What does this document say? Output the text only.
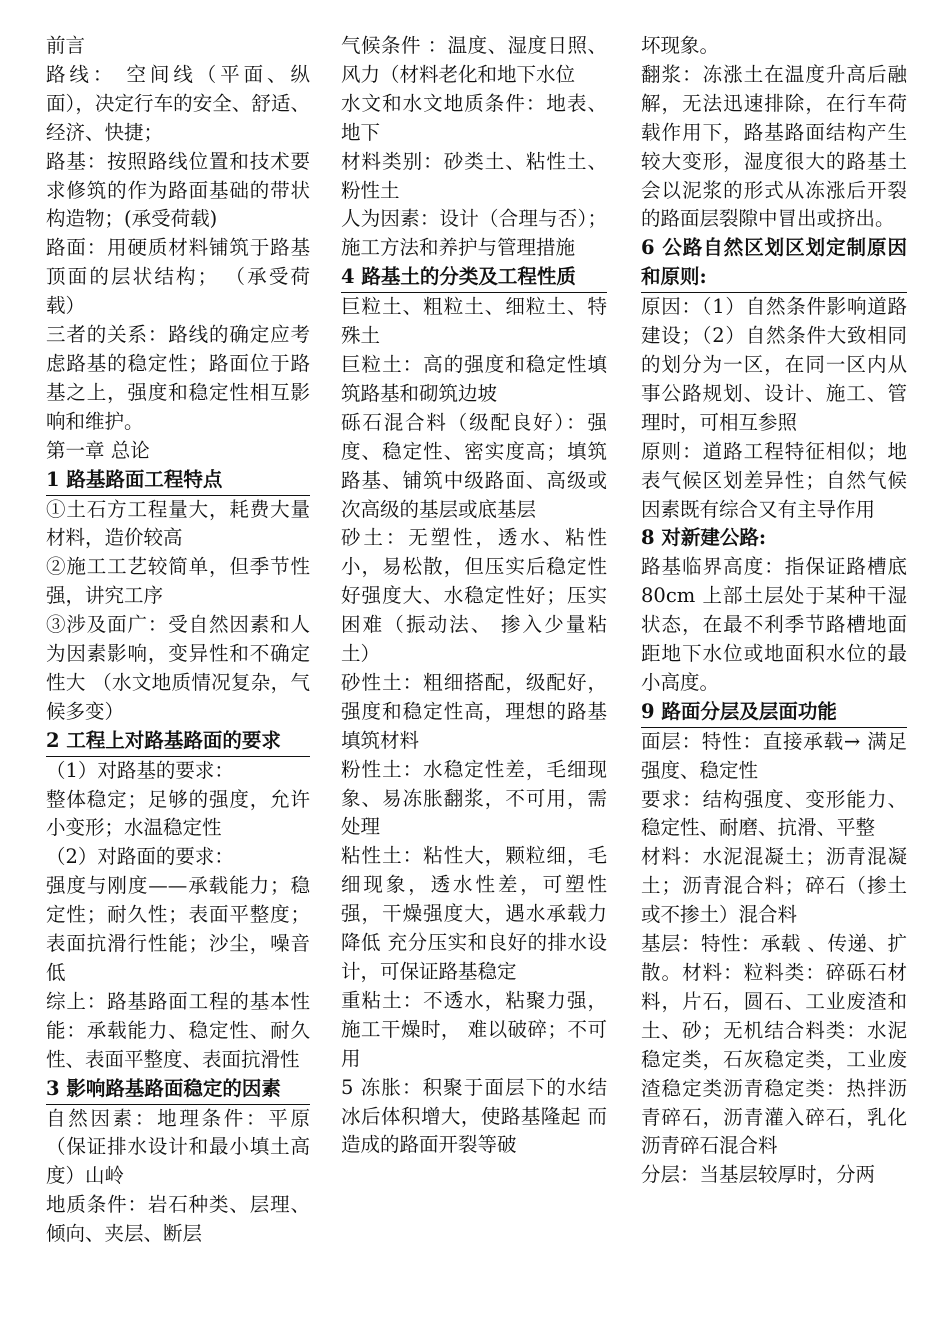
前言

路线： 空间线（平面、纵面），决定行车的安全、舒适、经济、快捷；

路基：按照路线位置和技术要求修筑的作为路面基础的带状构造物；(承受荷载)

路面：用硬质材料铺筑于路基顶面的层状结构； （承受荷载）

三者的关系：路线的确定应考虑路基的稳定性；路面位于路基之上，强度和稳定性相互影响和维护。

第一章 总论

1 路基路面工程特点

①土石方工程量大，耗费大量材料，造价较高

②施工工艺较简单，但季节性强，讲究工序

③涉及面广：受自然因素和人为因素影响，变异性和不确定性大 （水文地质情况复杂，气候多变）

2 工程上对路基路面的要求

（1）对路基的要求：

整体稳定；足够的强度，允许小变形；水温稳定性

（2）对路面的要求：

强度与刚度——承载能力；稳定性；耐久性；表面平整度；表面抗滑行性能；沙尘，噪音低

综上：路基路面工程的基本性能：承载能力、稳定性、耐久性、表面平整度、表面抗滑性

3 影响路基路面稳定的因素

自然因素：地理条件：平原（保证排水设计和最小填土高度）山岭

地质条件：岩石种类、层理、倾向、夹层、断层

气候条件 ：温度、湿度日照、风力（材料老化和地下水位

水文和水文地质条件：地表、地下

材料类别：砂类土、粘性土、粉性土

人为因素：设计（合理与否）；施工方法和养护与管理措施

4 路基土的分类及工程性质

巨粒土、粗粒土、细粒土、特殊土

巨粒土：高的强度和稳定性填筑路基和砌筑边坡

砾石混合料（级配良好）：强度、稳定性、密实度高；填筑路基、铺筑中级路面、高级或次高级的基层或底基层

砂土：无塑性，透水、粘性小，易松散，但压实后稳定性好强度大、水稳定性好；压实困难（振动法、 掺入少量粘土）

砂性土：粗细搭配，级配好，强度和稳定性高，理想的路基填筑材料

粉性土：水稳定性差，毛细现象、易冻胀翻浆，不可用，需处理

粘性土：粘性大，颗粒细，毛细现象，透水性差，可塑性强，干燥强度大，遇水承载力降低 充分压实和良好的排水设计，可保证路基稳定

重粘土：不透水，粘聚力强，施工干燥时， 难以破碎；不可用

5 冻胀：积聚于面层下的水结冰后体积增大，使路基隆起 而造成的路面开裂等破

坏现象。

翻浆：冻涨土在温度升高后融解，无法迅速排除，在行车荷载作用下，路基路面结构产生较大变形，湿度很大的路基土会以泥浆的形式从冻涨后开裂的路面层裂隙中冒出或挤出。

6 公路自然区划区划定制原因和原则:

原因：（1）自然条件影响道路建设；（2）自然条件大致相同的划分为一区，在同一区内从事公路规划、设计、施工、管理时，可相互参照

原则：道路工程特征相似；地表气候区划差异性；自然气候因素既有综合又有主导作用

8 对新建公路:

路基临界高度：指保证路槽底 80cm 上部土层处于某种干湿状态，在最不利季节路槽地面距地下水位或地面积水位的最小高度。

9 路面分层及层面功能

面层：特性：直接承载→ 满足强度、稳定性

要求：结构强度、变形能力、稳定性、耐磨、抗滑、平整

材料：水泥混凝土；沥青混凝土；沥青混合料；碎石（掺土或不掺土）混合料

基层：特性：承载 、传递、扩散。材料：粒料类：碎砾石材料，片石，圆石、工业废渣和土、砂；无机结合料类：水泥稳定类，石灰稳定类，工业废渣稳定类沥青稳定类：热拌沥青碎石，沥青灌入碎石，乳化沥青碎石混合料

分层：当基层较厚时，分两
